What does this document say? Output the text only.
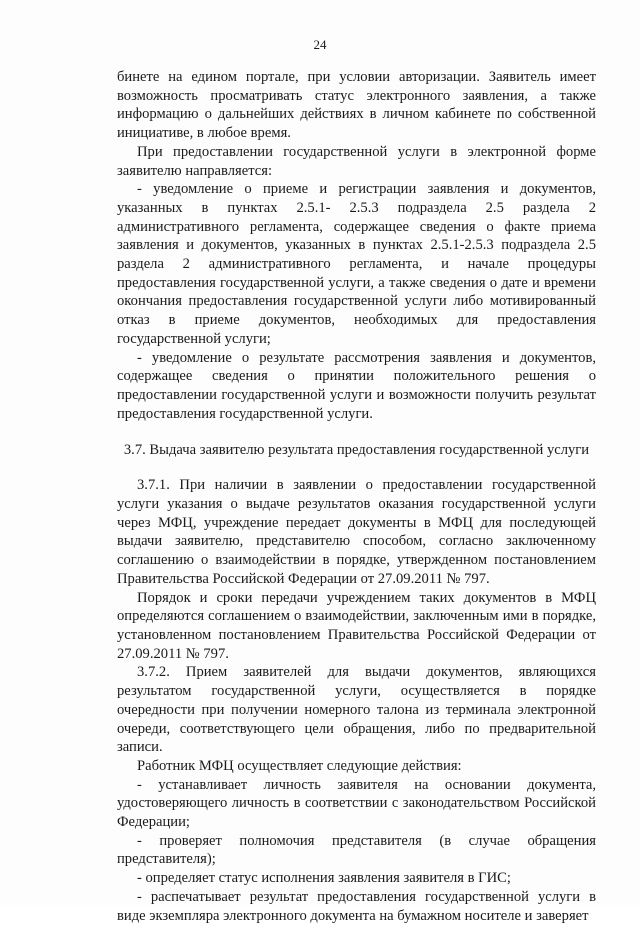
24

бинете на едином портале, при условии авторизации. Заявитель имеет возможность просматривать статус электронного заявления, а также информацию о дальнейших действиях в личном кабинете по собственной инициативе, в любое время.

При предоставлении государственной услуги в электронной форме заявителю направляется:

- уведомление о приеме и регистрации заявления и документов, указанных в пунктах 2.5.1- 2.5.3 подраздела 2.5 раздела 2 административного регламента, содержащее сведения о факте приема заявления и документов, указанных в пунктах 2.5.1-2.5.3 подраздела 2.5 раздела 2 административного регламента, и начале процедуры предоставления государственной услуги, а также сведения о дате и времени окончания предоставления государственной услуги либо мотивированный отказ в приеме документов, необходимых для предоставления государственной услуги;

- уведомление о результате рассмотрения заявления и документов, содержащее сведения о принятии положительного решения о предоставлении государственной услуги и возможности получить результат предоставления государственной услуги.

3.7. Выдача заявителю результата предоставления государственной услуги

3.7.1. При наличии в заявлении о предоставлении государственной услуги указания о выдаче результатов оказания государственной услуги через МФЦ, учреждение передает документы в МФЦ для последующей выдачи заявителю, представителю способом, согласно заключенному соглашению о взаимодействии в порядке, утвержденном постановлением Правительства Российской Федерации от 27.09.2011 № 797.

Порядок и сроки передачи учреждением таких документов в МФЦ определяются соглашением о взаимодействии, заключенным ими в порядке, установленном постановлением Правительства Российской Федерации от 27.09.2011 № 797.

3.7.2. Прием заявителей для выдачи документов, являющихся результатом государственной услуги, осуществляется в порядке очередности при получении номерного талона из терминала электронной очереди, соответствующего цели обращения, либо по предварительной записи.

Работник МФЦ осуществляет следующие действия:

- устанавливает личность заявителя на основании документа, удостоверяющего личность в соответствии с законодательством Российской Федерации;

- проверяет полномочия представителя (в случае обращения представителя);

- определяет статус исполнения заявления заявителя в ГИС;

- распечатывает результат предоставления государственной услуги в виде экземпляра электронного документа на бумажном носителе и заверяет
